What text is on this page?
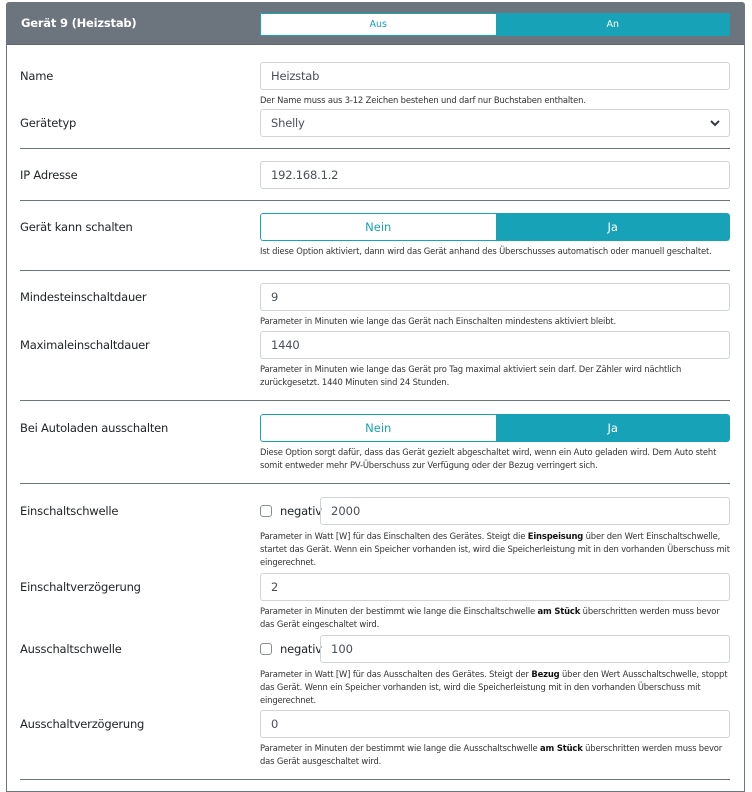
Gerät 9 (Heizstab)	Aus	An
Name	Heizstab
Der Name muss aus 3-12 Zeichen bestehen und darf nur Buchstaben enthalten.
Gerätetyp	Shelly
IP Adresse	192.168.1.2
Gerät kann schalten	Nein	Ja
Ist diese Option aktiviert, dann wird das Gerät anhand des Überschusses automatisch oder manuell geschaltet.
Mindesteinschaltdauer	9
Parameter in Minuten wie lange das Gerät nach Einschalten mindestens aktiviert bleibt.
Maximaleinschaltdauer	1440
Parameter in Minuten wie lange das Gerät pro Tag maximal aktiviert sein darf. Der Zähler wird nächtlich zurückgesetzt. 1440 Minuten sind 24 Stunden.
Bei Autoladen ausschalten	Nein	Ja
Diese Option sorgt dafür, dass das Gerät gezielt abgeschaltet wird, wenn ein Auto geladen wird. Dem Auto steht somit entweder mehr PV-Überschuss zur Verfügung oder der Bezug verringert sich.
Einschaltschwelle	negativ 2000
Parameter in Watt [W] für das Einschalten des Gerätes. Steigt die Einspeisung über den Wert Einschaltschwelle, startet das Gerät. Wenn ein Speicher vorhanden ist, wird die Speicherleistung mit in den vorhanden Überschuss mit eingerechnet.
Einschaltverzögerung	2
Parameter in Minuten der bestimmt wie lange die Einschaltschwelle am Stück überschritten werden muss bevor das Gerät eingeschaltet wird.
Ausschaltschwelle	negativ 100
Parameter in Watt [W] für das Ausschalten des Gerätes. Steigt der Bezug über den Wert Ausschaltschwelle, stoppt das Gerät. Wenn ein Speicher vorhanden ist, wird die Speicherleistung mit in den vorhanden Überschuss mit eingerechnet.
Ausschaltverzögerung	0
Parameter in Minuten der bestimmt wie lange die Ausschaltschwelle am Stück überschritten werden muss bevor das Gerät ausgeschaltet wird.
